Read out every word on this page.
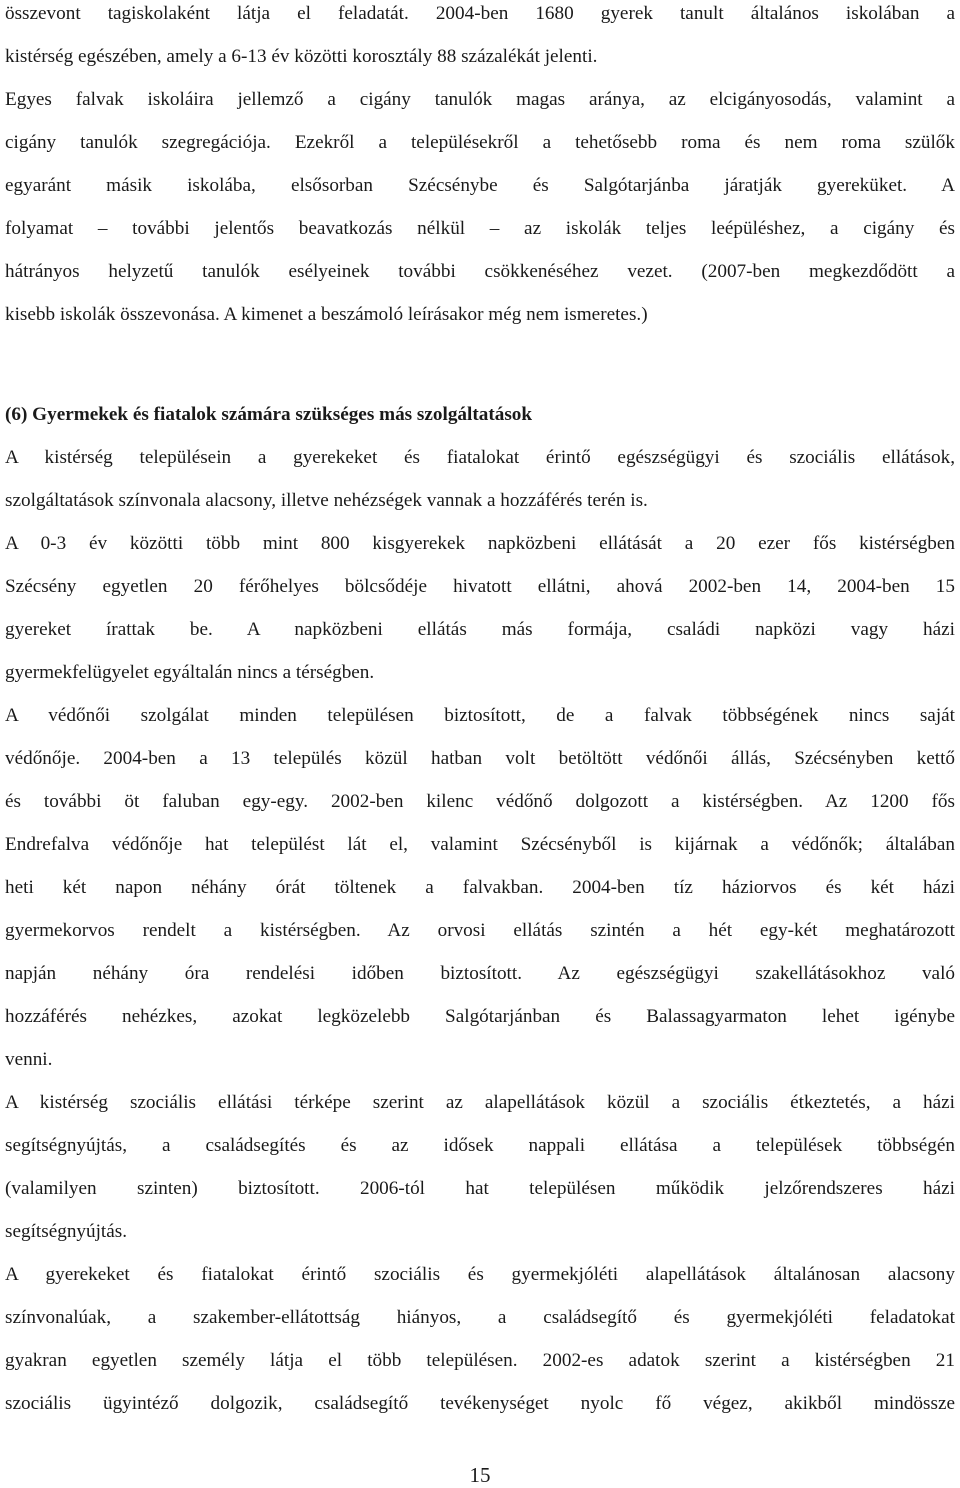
összevont tagiskolaként látja el feladatát. 2004-ben 1680 gyerek tanult általános iskolában a
kistérség egészében, amely a 6-13 év közötti korosztály 88 százalékát jelenti.
Egyes falvak iskoláira jellemző a cigány tanulók magas aránya, az elcigányosodás, valamint a
cigány tanulók szegregációja. Ezekről a településekről a tehetősebb roma és nem roma szülők
egyaránt másik iskolába, elsősorban Szécsénybe és Salgótarjánba járatják gyereküket. A
folyamat – további jelentős beavatkozás nélkül – az iskolák teljes leépüléshez, a cigány és
hátrányos helyzetű tanulók esélyeinek további csökkenéséhez vezet. (2007-ben megkezdődött a
kisebb iskolák összevonása. A kimenet a beszámoló leírásakor még nem ismeretes.)
(6) Gyermekek és fiatalok számára szükséges más szolgáltatások
A kistérség településein a gyerekeket és fiatalokat érintő egészségügyi és szociális ellátások,
szolgáltatások színvonala alacsony, illetve nehézségek vannak a hozzáférés terén is.
A 0-3 év közötti több mint 800 kisgyerekek napközbeni ellátását a 20 ezer fős kistérségben
Szécsény egyetlen 20 férőhelyes bölcsődéje hivatott ellátni, ahová 2002-ben 14, 2004-ben 15
gyereket írattak be. A napközbeni ellátás más formája, családi napközi vagy házi
gyermekfelügyelet egyáltalán nincs a térségben.
A védőnői szolgálat minden településen biztosított, de a falvak többségének nincs saját
védőnője. 2004-ben a 13 település közül hatban volt betöltött védőnői állás, Szécsényben kettő
és további öt faluban egy-egy. 2002-ben kilenc védőnő dolgozott a kistérségben. Az 1200 fős
Endrefalva védőnője hat települést lát el, valamint Szécsényből is kijárnak a védőnők; általában
heti két napon néhány órát töltenek a falvakban. 2004-ben tíz háziorvos és két házi
gyermekorvos rendelt a kistérségben. Az orvosi ellátás szintén a hét egy-két meghatározott
napján néhány óra rendelési időben biztosított. Az egészségügyi szakellátásokhoz való
hozzáférés nehézkes, azokat legközelebb Salgótarjánban és Balassagyarmaton lehet igénybe
venni.
A kistérség szociális ellátási térképe szerint az alapellátások közül a szociális étkeztetés, a házi
segítségnyújtás, a családsegítés és az idősek nappali ellátása a települések többségén
(valamilyen szinten) biztosított. 2006-tól hat településen működik jelzőrendszeres házi
segítségnyújtás.
A gyerekeket és fiatalokat érintő szociális és gyermekjóléti alapellátások általánosan alacsony
színvonalúak, a szakember-ellátottság hiányos, a családsegítő és gyermekjóléti feladatokat
gyakran egyetlen személy látja el több településen. 2002-es adatok szerint a kistérségben 21
szociális ügyintéző dolgozik, családsegítő tevékenységet nyolc fő végez, akikből mindössze
15
